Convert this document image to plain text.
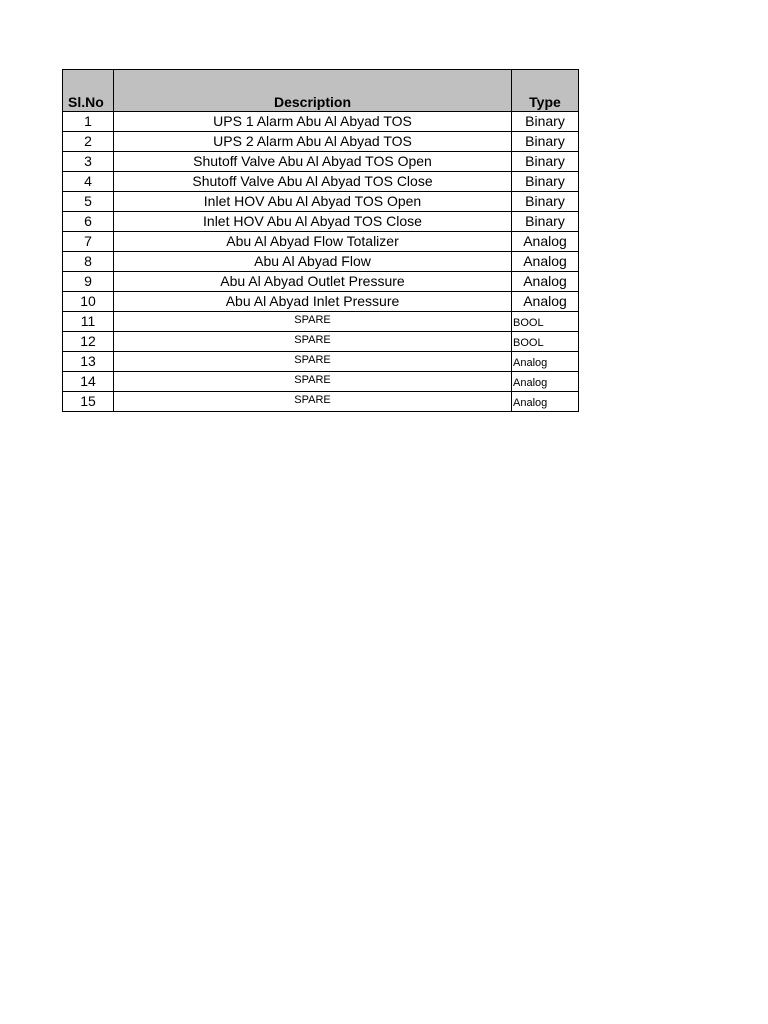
Sl.No	Description	Type
1	UPS 1 Alarm Abu Al Abyad TOS	Binary
2	UPS 2 Alarm Abu Al Abyad TOS	Binary
3	Shutoff Valve Abu Al Abyad TOS Open	Binary
4	Shutoff Valve Abu Al Abyad TOS Close	Binary
5	Inlet HOV Abu Al Abyad TOS Open	Binary
6	Inlet HOV Abu Al Abyad TOS Close	Binary
7	Abu Al Abyad Flow Totalizer	Analog
8	Abu Al Abyad Flow	Analog
9	Abu Al Abyad Outlet Pressure	Analog
10	Abu Al Abyad Inlet Pressure	Analog
11	SPARE	BOOL
12	SPARE	BOOL
13	SPARE	Analog
14	SPARE	Analog
15	SPARE	Analog
